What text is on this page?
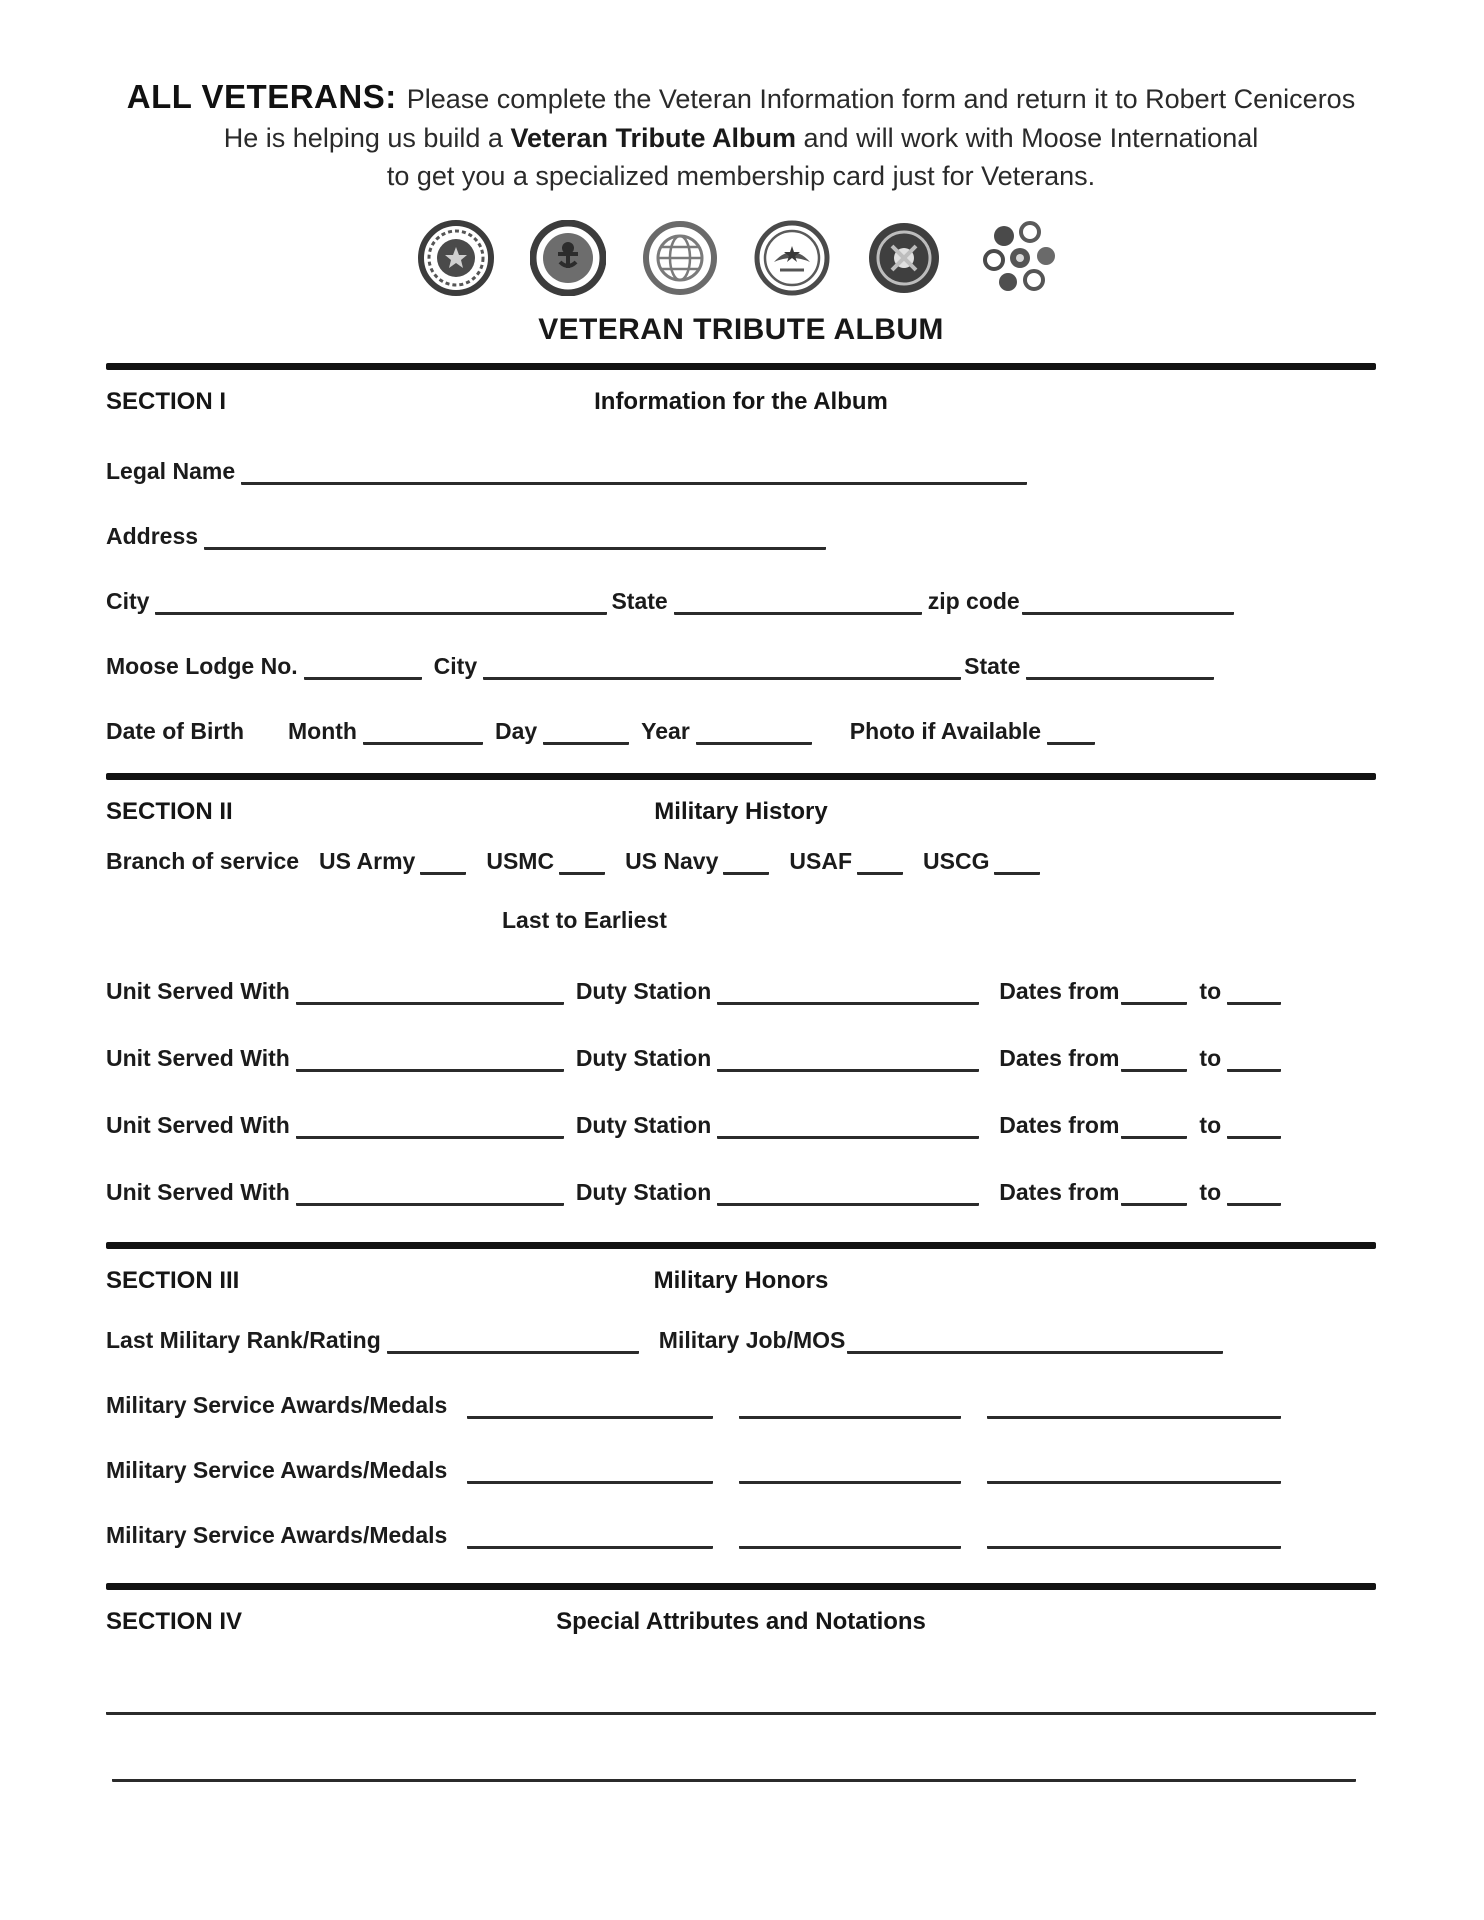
ALL VETERANS: Please complete the Veteran Information form and return it to Robert Ceniceros

He is helping us build a Veteran Tribute Album and will work with Moose International

to get you a specialized membership card just for Veterans.

VETERAN TRIBUTE ALBUM
SECTION I	Information for the Album
Legal Name
Address
City	State	zip code
Moose Lodge No.	City	State
Date of Birth Month	Day	Year	Photo if Available
SECTION II	Military History
Branch of service US Army	USMC	US Navy	USAF	USCG
Last to Earliest
Unit Served With	Duty Station	Dates from	to
Unit Served With	Duty Station	Dates from	to
Unit Served With	Duty Station	Dates from	to
Unit Served With	Duty Station	Dates from	to
SECTION III	Military Honors
Last Military Rank/Rating	Military Job/MOS
Military Service Awards/Medals
Military Service Awards/Medals
Military Service Awards/Medals
SECTION IV	Special Attributes and Notations
